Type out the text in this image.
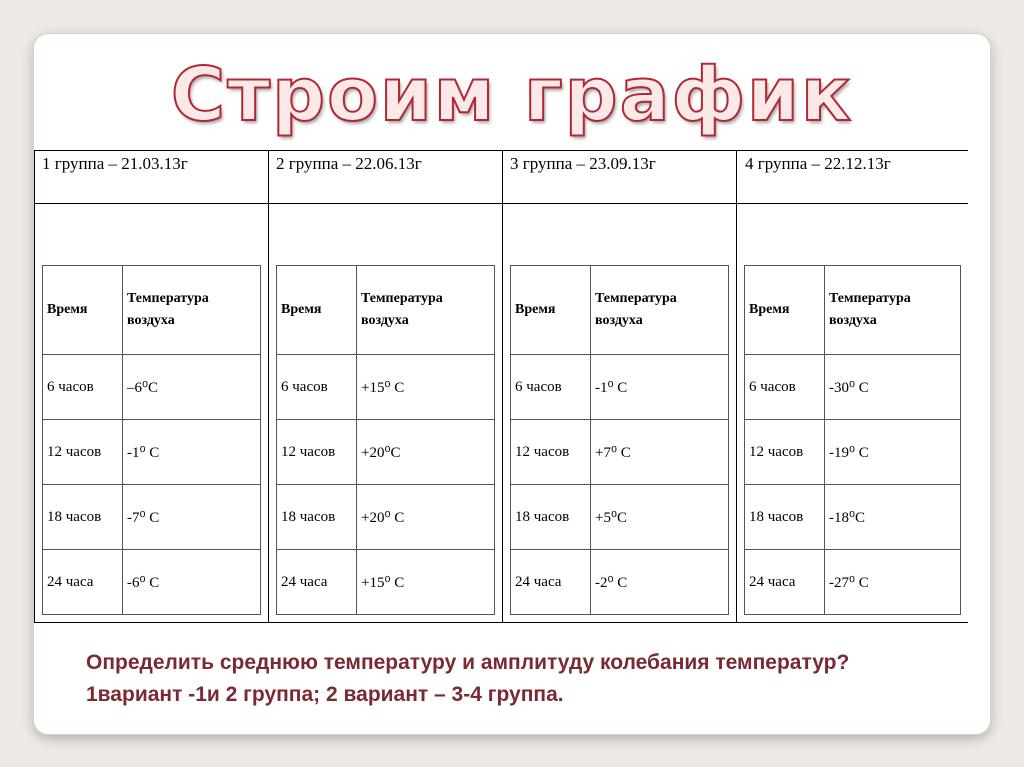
Строим график
1 группа – 21.03.13г	2 группа – 22.06.13г	3 группа – 23.09.13г	4 группа – 22.12.13г
Время	Температура воздуха
6 часов	–6⁰С
12 часов	-1⁰ С
18 часов	-7⁰ С
24 часа	-6⁰ С
Время	Температура воздуха
6 часов	+15⁰ С
12 часов	+20⁰С
18 часов	+20⁰ С
24 часа	+15⁰ С
Время	Температура воздуха
6 часов	-1⁰ С
12 часов	+7⁰ С
18 часов	+5⁰С
24 часа	-2⁰ С
Время	Температура воздуха
6 часов	-30⁰ С
12 часов	-19⁰ С
18 часов	-18⁰С
24 часа	-27⁰ С
Определить среднюю температуру и амплитуду колебания температур? 1вариант -1и 2 группа; 2 вариант – 3-4 группа.
